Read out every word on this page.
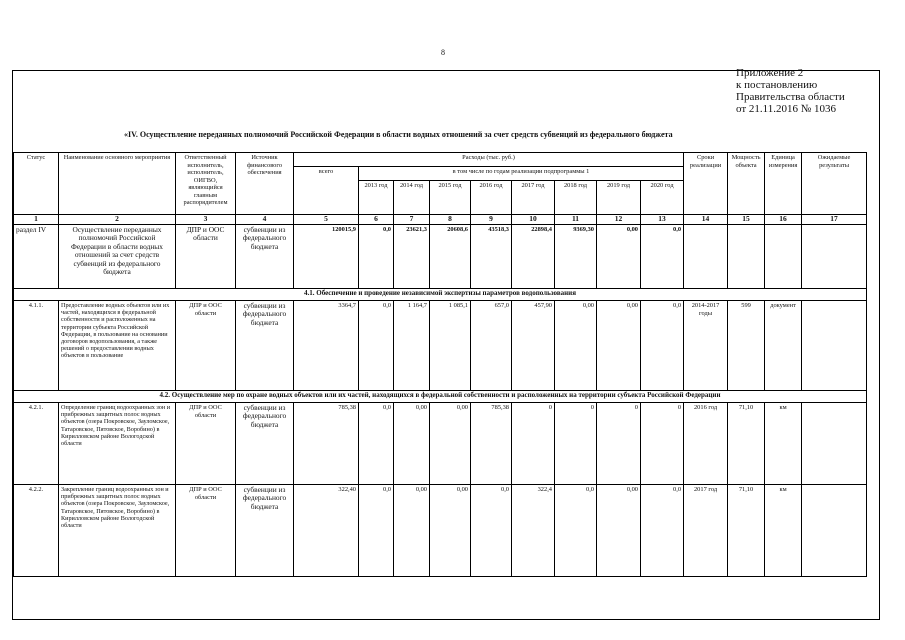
8
Приложение 2
к постановлению
Правительства области
от 21.11.2016 № 1036
«IV. Осуществление переданных полномочий Российской Федерации в области водных отношений за счет средств субвенций из федерального бюджета
Статус	Наименование основного мероприятия	Ответственный исполнитель, исполнитель, ОИГВО, являющийся главным распорядителем	Источник финансового обеспечения	Расходы (тыс. руб.)									Сроки реализации	Мощность объекта	Единица измерения	Ожидаемые результаты
				всего	в том числе по годам реализации подпрограммы 1											
					2013 год	2014 год	2015 год	2016 год	2017 год	2018 год	2019 год	2020 год				
1	2	3	4	5	6	7	8	9	10	11	12	13	14	15	16	17
раздел IV	Осуществление переданных полномочий Российской Федерации в области водных отношений за счет средств субвенций из федерального бюджета	ДПР и ООС области	субвенции из федерального бюджета	120015,9	0,0	23621,3	20608,6	43518,3	22898,4	9369,30	0,00	0,0				
4.1. Обеспечение и проведение независимой экспертизы параметров водопользования																
4.1.1.	Предоставление водных объектов или их частей, находящихся в федеральной собственности и расположенных на территории субъекта Российской Федерации, в пользование на основании договоров водопользования, а также решений о предоставлении водных объектов в пользование	ДПР и ООС области	субвенции из федерального бюджета	3364,7	0,0	1 164,7	1 085,1	657,0	457,90	0,00	0,00	0,0	2014-2017 годы	599	документ	
4.2. Осуществление мер по охране водных объектов или их частей, находящихся в федеральной собственности и расположенных на территории субъекта Российской Федерации																
4.2.1.	Определение границ водоохранных зон и прибрежных защитных полос водных объектов (озера Покровское, Зауломское, Татаровское, Пятовское, Воробино) в Кирилловском районе Вологодской области	ДПР и ООС области	субвенции из федерального бюджета	785,38	0,0	0,00	0,00	785,38	0	0	0	0	2016 год	71,10	км	
4.2.2.	Закрепление границ водоохранных зон и прибрежных защитных полос водных объектов (озера Покровское, Зауломское, Татаровское, Пятовское, Воробино) в Кирилловском районе Вологодской области	ДПР и ООС области	субвенции из федерального бюджета	322,40	0,0	0,00	0,00	0,0	322,4	0,0	0,00	0,0	2017 год	71,10	км	
